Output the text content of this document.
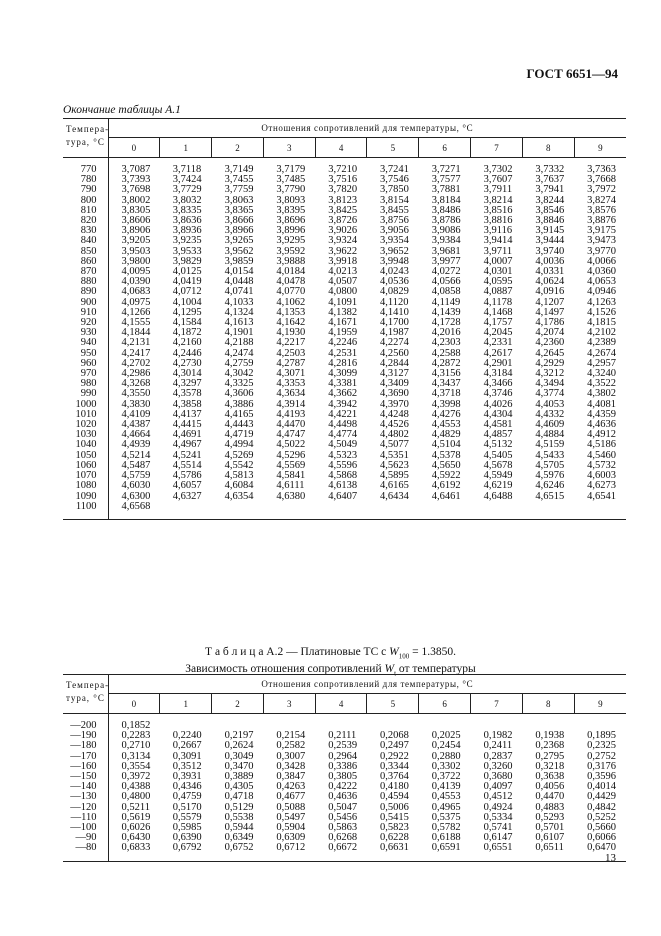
ГОСТ 6651—94
Окончание таблицы А.1
Темпера- тура, °С	Отношения сопротивлений для температуры, °С									
	0	1	2	3	4	5	6	7	8	9

770	3,7087	3,7118	3,7149	3,7179	3,7210	3,7241	3,7271	3,7302	3,7332	3,7363
780	3,7393	3,7424	3,7455	3,7485	3,7516	3,7546	3,7577	3,7607	3,7637	3,7668
790	3,7698	3,7729	3,7759	3,7790	3,7820	3,7850	3,7881	3,7911	3,7941	3,7972
800	3,8002	3,8032	3,8063	3,8093	3,8123	3,8154	3,8184	3,8214	3,8244	3,8274
810	3,8305	3,8335	3,8365	3,8395	3,8425	3,8455	3,8486	3,8516	3,8546	3,8576
820	3,8606	3,8636	3,8666	3,8696	3,8726	3,8756	3,8786	3,8816	3,8846	3,8876
830	3,8906	3,8936	3,8966	3,8996	3,9026	3,9056	3,9086	3,9116	3,9145	3,9175
840	3,9205	3,9235	3,9265	3,9295	3,9324	3,9354	3,9384	3,9414	3,9444	3,9473
850	3,9503	3,9533	3,9562	3,9592	3,9622	3,9652	3,9681	3,9711	3,9740	3,9770
860	3,9800	3,9829	3,9859	3,9888	3,9918	3,9948	3,9977	4,0007	4,0036	4,0066
870	4,0095	4,0125	4,0154	4,0184	4,0213	4,0243	4,0272	4,0301	4,0331	4,0360
880	4,0390	4,0419	4,0448	4,0478	4,0507	4,0536	4,0566	4,0595	4,0624	4,0653
890	4,0683	4,0712	4,0741	4,0770	4,0800	4,0829	4,0858	4,0887	4,0916	4,0946
900	4,0975	4,1004	4,1033	4,1062	4,1091	4,1120	4,1149	4,1178	4,1207	4,1263
910	4,1266	4,1295	4,1324	4,1353	4,1382	4,1410	4,1439	4,1468	4,1497	4,1526
920	4,1555	4,1584	4,1613	4,1642	4,1671	4,1700	4,1728	4,1757	4,1786	4,1815
930	4,1844	4,1872	4,1901	4,1930	4,1959	4,1987	4,2016	4,2045	4,2074	4,2102
940	4,2131	4,2160	4,2188	4,2217	4,2246	4,2274	4,2303	4,2331	4,2360	4,2389
950	4,2417	4,2446	4,2474	4,2503	4,2531	4,2560	4,2588	4,2617	4,2645	4,2674
960	4,2702	4,2730	4,2759	4,2787	4,2816	4,2844	4,2872	4,2901	4,2929	4,2957
970	4,2986	4,3014	4,3042	4,3071	4,3099	4,3127	4,3156	4,3184	4,3212	4,3240
980	4,3268	4,3297	4,3325	4,3353	4,3381	4,3409	4,3437	4,3466	4,3494	4,3522
990	4,3550	4,3578	4,3606	4,3634	4,3662	4,3690	4,3718	4,3746	4,3774	4,3802
1000	4,3830	4,3858	4,3886	4,3914	4,3942	4,3970	4,3998	4,4026	4,4053	4,4081
1010	4,4109	4,4137	4,4165	4,4193	4,4221	4,4248	4,4276	4,4304	4,4332	4,4359
1020	4,4387	4,4415	4,4443	4,4470	4,4498	4,4526	4,4553	4,4581	4,4609	4,4636
1030	4,4664	4,4691	4,4719	4,4747	4,4774	4,4802	4,4829	4,4857	4,4884	4,4912
1040	4,4939	4,4967	4,4994	4,5022	4,5049	4,5077	4,5104	4,5132	4,5159	4,5186
1050	4,5214	4,5241	4,5269	4,5296	4,5323	4,5351	4,5378	4,5405	4,5433	4,5460
1060	4,5487	4,5514	4,5542	4,5569	4,5596	4,5623	4,5650	4,5678	4,5705	4,5732
1070	4,5759	4,5786	4,5813	4,5841	4,5868	4,5895	4,5922	4,5949	4,5976	4,6003
1080	4,6030	4,6057	4,6084	4,6111	4,6138	4,6165	4,6192	4,6219	4,6246	4,6273
1090	4,6300	4,6327	4,6354	4,6380	4,6407	4,6434	4,6461	4,6488	4,6515	4,6541
1100	4,6568									

Т а б л и ц а А.2 — Платиновые ТС с $W_{100} = 1.3850$.
Зависимость отношения сопротивлений $W_t$ от температуры
Темпера- тура, °С	Отношения сопротивлений для температуры, °С									
	0	1	2	3	4	5	6	7	8	9

—200	0,1852									
—190	0,2283	0,2240	0,2197	0,2154	0,2111	0,2068	0,2025	0,1982	0,1938	0,1895
—180	0,2710	0,2667	0,2624	0,2582	0,2539	0,2497	0,2454	0,2411	0,2368	0,2325
—170	0,3134	0,3091	0,3049	0,3007	0,2964	0,2922	0,2880	0,2837	0,2795	0,2752
—160	0,3554	0,3512	0,3470	0,3428	0,3386	0,3344	0,3302	0,3260	0,3218	0,3176
—150	0,3972	0,3931	0,3889	0,3847	0,3805	0,3764	0,3722	0,3680	0,3638	0,3596
—140	0,4388	0,4346	0,4305	0,4263	0,4222	0,4180	0,4139	0,4097	0,4056	0,4014
—130	0,4800	0,4759	0,4718	0,4677	0,4636	0,4594	0,4553	0,4512	0,4470	0,4429
—120	0,5211	0,5170	0,5129	0,5088	0,5047	0,5006	0,4965	0,4924	0,4883	0,4842
—110	0,5619	0,5579	0,5538	0,5497	0,5456	0,5415	0,5375	0,5334	0,5293	0,5252
—100	0,6026	0,5985	0,5944	0,5904	0,5863	0,5823	0,5782	0,5741	0,5701	0,5660
—90	0,6430	0,6390	0,6349	0,6309	0,6268	0,6228	0,6188	0,6147	0,6107	0,6066
—80	0,6833	0,6792	0,6752	0,6712	0,6672	0,6631	0,6591	0,6551	0,6511	0,6470

13
